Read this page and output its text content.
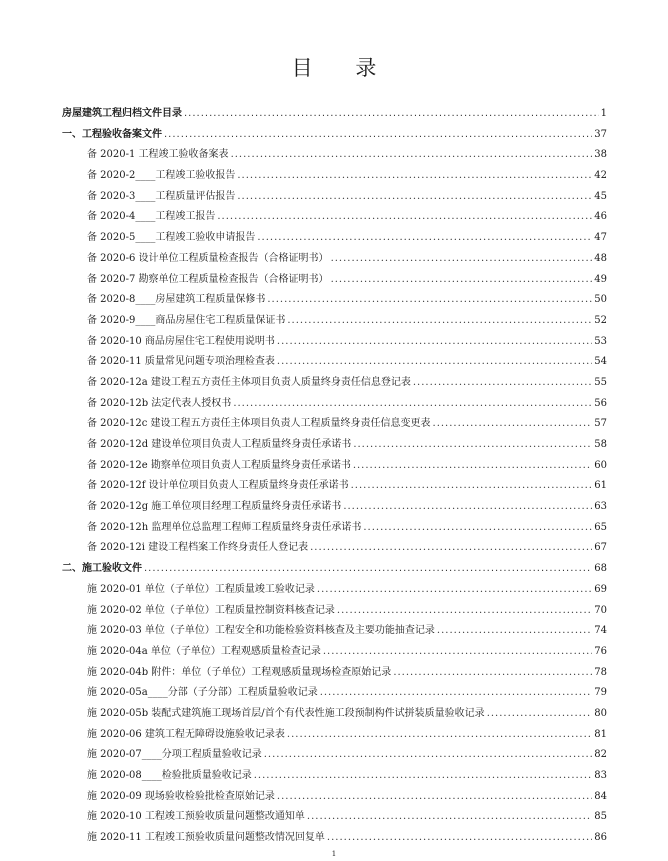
目 录
房屋建筑工程归档文件目录 .....	1
一、工程验收备案文件 .....	37
备 2020-1 工程竣工验收备案表 .....	38
备 2020-2____工程竣工验收报告 .....	42
备 2020-3____工程质量评估报告 .....	45
备 2020-4____工程竣工报告 .....	46
备 2020-5____工程竣工验收申请报告 .....	47
备 2020-6 设计单位工程质量检查报告（合格证明书） .....	48
备 2020-7 勘察单位工程质量检查报告（合格证明书） .....	49
备 2020-8____房屋建筑工程质量保修书 .....	50
备 2020-9____商品房屋住宅工程质量保证书 .....	52
备 2020-10 商品房屋住宅工程使用说明书 .....	53
备 2020-11 质量常见问题专项治理检查表 .....	54
备 2020-12a 建设工程五方责任主体项目负责人质量终身责任信息登记表 .....	55
备 2020-12b 法定代表人授权书 .....	56
备 2020-12c 建设工程五方责任主体项目负责人工程质量终身责任信息变更表 .....	57
备 2020-12d 建设单位项目负责人工程质量终身责任承诺书 .....	58
备 2020-12e 勘察单位项目负责人工程质量终身责任承诺书 .....	60
备 2020-12f 设计单位项目负责人工程质量终身责任承诺书 .....	61
备 2020-12g 施工单位项目经理工程质量终身责任承诺书 .....	63
备 2020-12h 监理单位总监理工程师工程质量终身责任承诺书 .....	65
备 2020-12i 建设工程档案工作终身责任人登记表 .....	67
二、施工验收文件 .....	68
施 2020-01 单位（子单位）工程质量竣工验收记录 .....	69
施 2020-02 单位（子单位）工程质量控制资料核查记录 .....	70
施 2020-03 单位（子单位）工程安全和功能检验资料核查及主要功能抽查记录 .....	74
施 2020-04a 单位（子单位）工程观感质量检查记录 .....	76
施 2020-04b 附件：单位（子单位）工程观感质量现场检查原始记录 .....	78
施 2020-05a____分部（子分部）工程质量验收记录 .....	79
施 2020-05b 装配式建筑施工现场首层/首个有代表性施工段预制构件试拼装质量验收记录 .....	80
施 2020-06 建筑工程无障碍设施验收记录表 .....	81
施 2020-07____分项工程质量验收记录 .....	82
施 2020-08____检验批质量验收记录 .....	83
施 2020-09 现场验收检验批检查原始记录 .....	84
施 2020-10 工程竣工预验收质量问题整改通知单 .....	85
施 2020-11 工程竣工预验收质量问题整改情况回复单 .....	86
1
